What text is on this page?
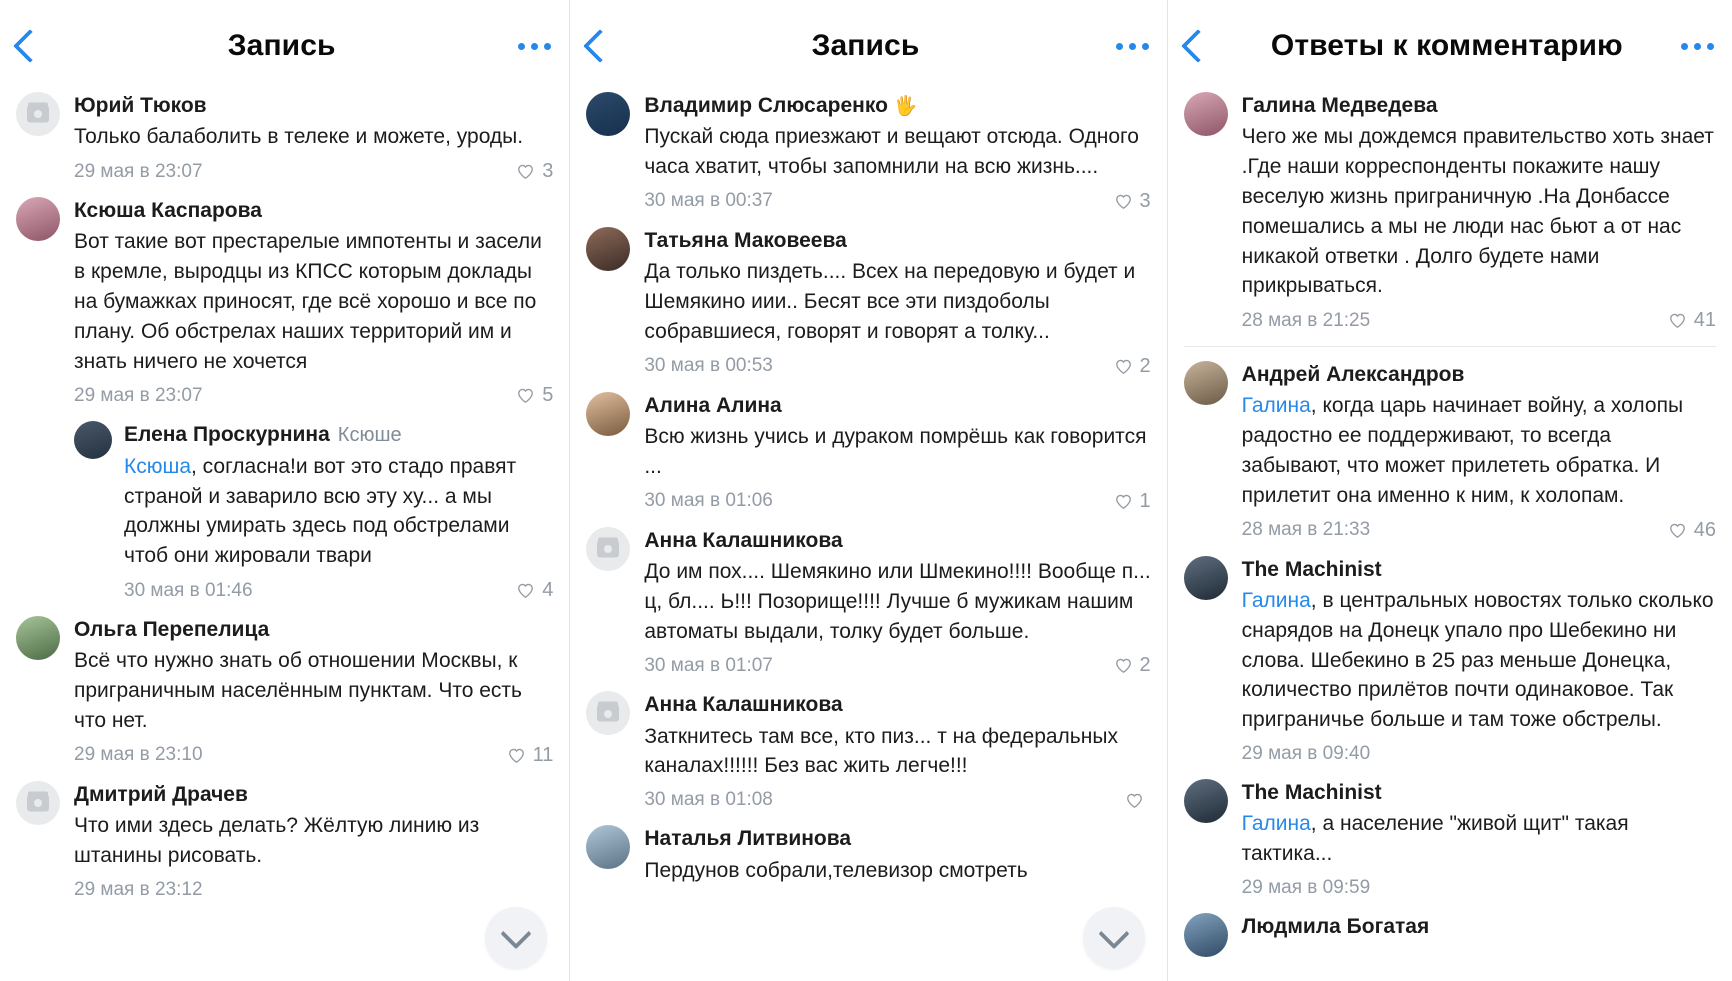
Запись
Юрий Тюков
Только балаболить в телеке и можете, уроды.
29 мая в 23:07	3
Ксюша Каспарова
Вот такие вот престарелые импотенты и засели в кремле, выродцы из КПСС которым доклады на бумажках приносят, где всё хорошо и все по плану. Об обстрелах наших территорий им и знать ничего не хочется
29 мая в 23:07	5
Елена Проскурнина Ксюше
Ксюша, согласна!и вот это стадо правят страной и заварило всю эту ху... а мы должны умирать здесь под обстрелами чтоб они жировали твари
30 мая в 01:46	4
Ольга Перепелица
Всё что нужно знать об отношении Москвы, к приграничным населённым пунктам. Что есть что нет.
29 мая в 23:10	11
Дмитрий Драчев
Что ими здесь делать? Жёлтую линию из штанины рисовать.
29 мая в 23:12
Запись
Владимир Слюсаренко 🖐
Пускай сюда приезжают и вещают отсюда. Одного часа хватит, чтобы запомнили на всю жизнь....
30 мая в 00:37	3
Татьяна Маковеева
Да только пиздеть.... Всех на передовую и будет и Шемякино иии.. Бесят все эти пиздоболы собравшиеся, говорят и говорят а толку...
30 мая в 00:53	2
Алина Алина
Всю жизнь учись и дураком помрёшь как говорится ...
30 мая в 01:06	1
Анна Калашникова
До им пох.... Шемякино или Шмекино!!!! Вообще п... ц, бл.... Ь!!! Позорище!!!! Лучше б мужикам нашим автоматы выдали, толку будет больше.
30 мая в 01:07	2
Анна Калашникова
Заткнитесь там все, кто пиз... т на федеральных каналах!!!!!! Без вас жить легче!!!
30 мая в 01:08
Наталья Литвинова
Пердунов собрали,телевизор смотреть
Ответы к комментарию
Галина Медведева
Чего же мы дождемся правительство хоть знает .Где наши корреспонденты покажите нашу веселую жизнь приграничную .На Донбассе помешались а мы не люди нас бьют а от нас никакой ответки . Долго будете нами прикрываться.
28 мая в 21:25	41
Андрей Александров
Галина, когда царь начинает войну, а холопы радостно ее поддерживают, то всегда забывают, что может прилететь обратка. И прилетит она именно к ним, к холопам.
28 мая в 21:33	46
The Machinist
Галина, в центральных новостях только сколько снарядов на Донецк упало про Шебекино ни слова. Шебекино в 25 раз меньше Донецка, количество прилётов почти одинаковое. Так приграничье больше и там тоже обстрелы.
29 мая в 09:40
The Machinist
Галина, а население "живой щит" такая тактика...
29 мая в 09:59
Людмила Богатая
